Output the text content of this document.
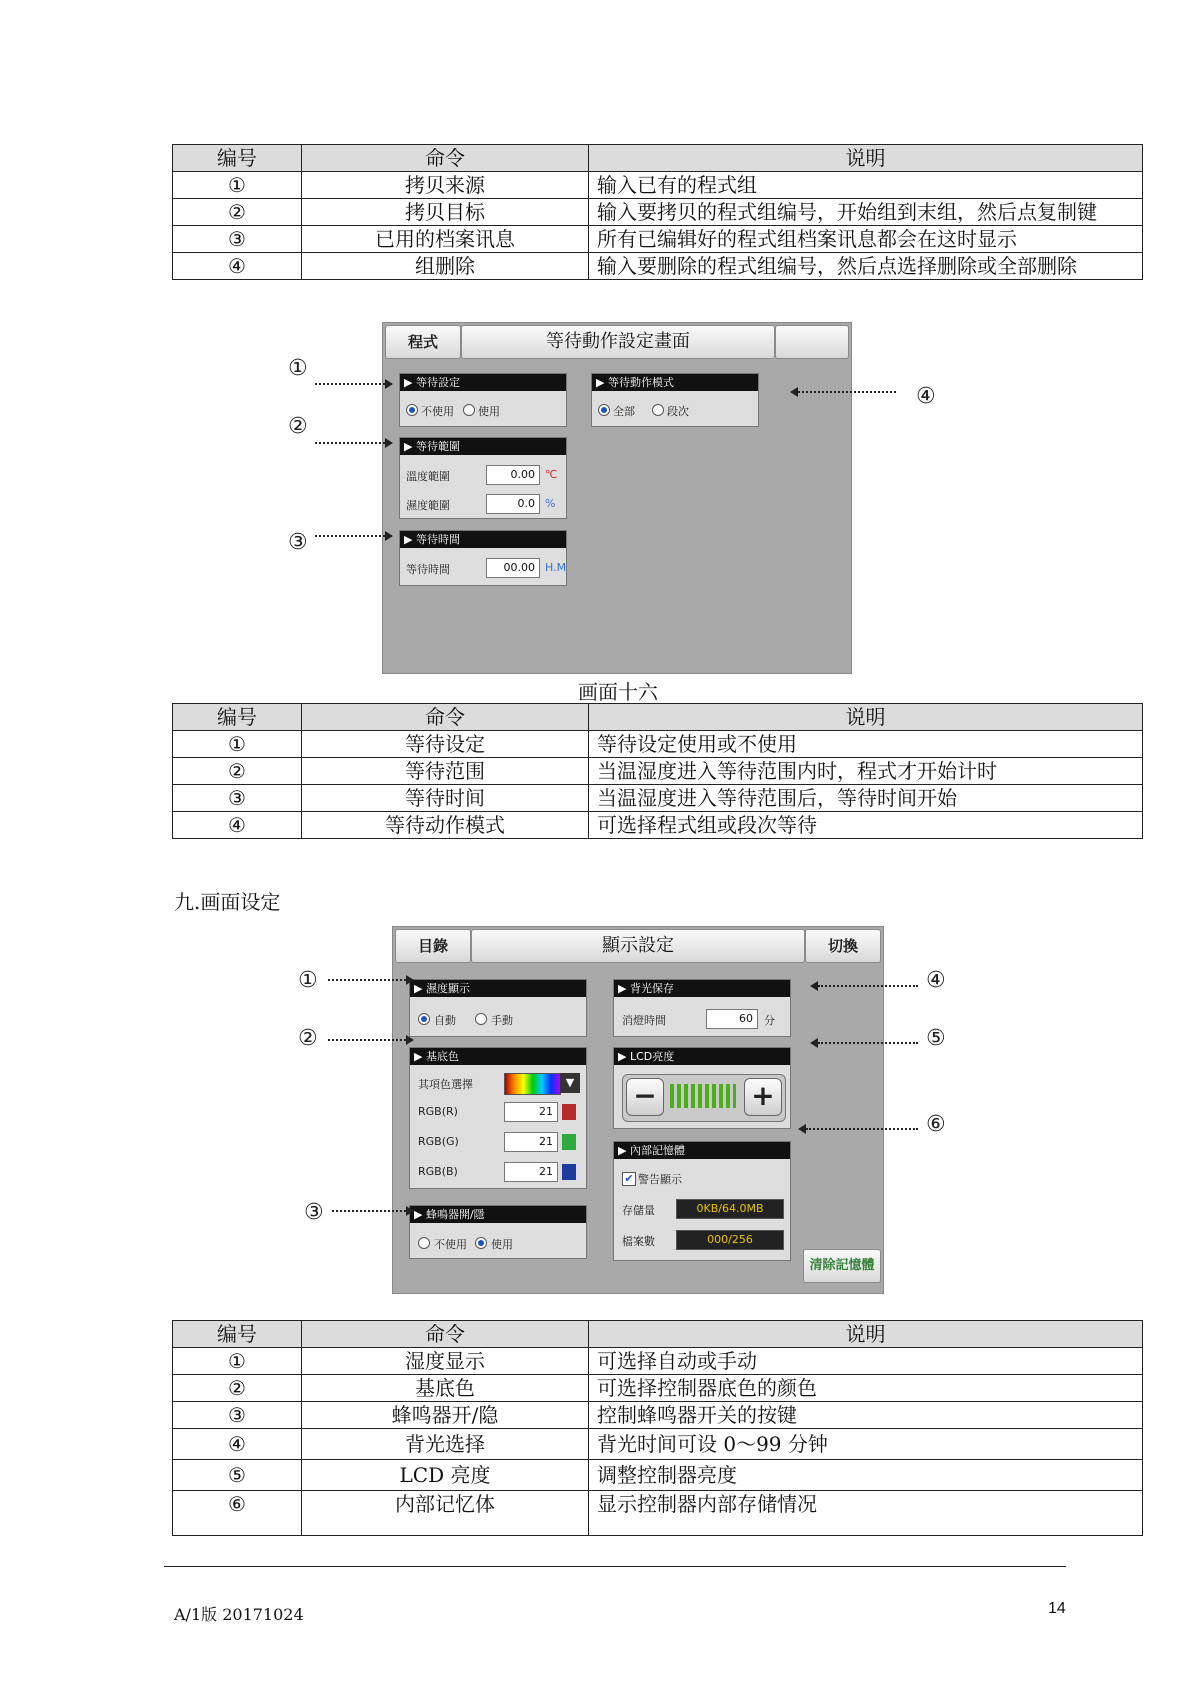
编号	命令	说明
①	拷贝来源	输入已有的程式组
②	拷贝目标	输入要拷贝的程式组编号，开始组到末组，然后点复制键
③	已用的档案讯息	所有已编辑好的程式组档案讯息都会在这时显示
④	组删除	输入要删除的程式组编号，然后点选择删除或全部删除
程式	等待動作設定畫面
▶ 等待設定
不使用 使用
▶ 等待動作模式
全部	段次
▶ 等待範圍
溫度範圍	0.00 ℃
濕度範圍	0.0 %
▶ 等待時間
等待時間	00.00 H.M
①
②
③
④
画面十六
编号	命令	说明
①	等待设定	等待设定使用或不使用
②	等待范围	当温湿度进入等待范围内时，程式才开始计时
③	等待时间	当温湿度进入等待范围后，等待时间开始
④	等待动作模式	可选择程式组或段次等待
九.画面设定
目錄	顯示設定	切換
▶ 濕度顯示
自動	手動
▶ 基底色
其項色選擇	▼
RGB(R)	21
RGB(G)	21
RGB(B)	21
▶ 蜂鳴器開/隱
不使用 使用
▶ 背光保存
消燈時間	60	分
▶ LCD亮度
−	+
▶ 內部記憶體
✔ 警告顯示
存儲量	0KB/64.0MB
檔案數	000/256
清除記憶體
①
②
③
④
⑤
⑥
编号	命令	说明
①	湿度显示	可选择自动或手动
②	基底色	可选择控制器底色的颜色
③	蜂鸣器开/隐	控制蜂鸣器开关的按键
④	背光选择	背光时间可设 0～99 分钟
⑤	LCD 亮度	调整控制器亮度
⑥	内部记忆体	显示控制器内部存储情况
A/1版 20171024	14
